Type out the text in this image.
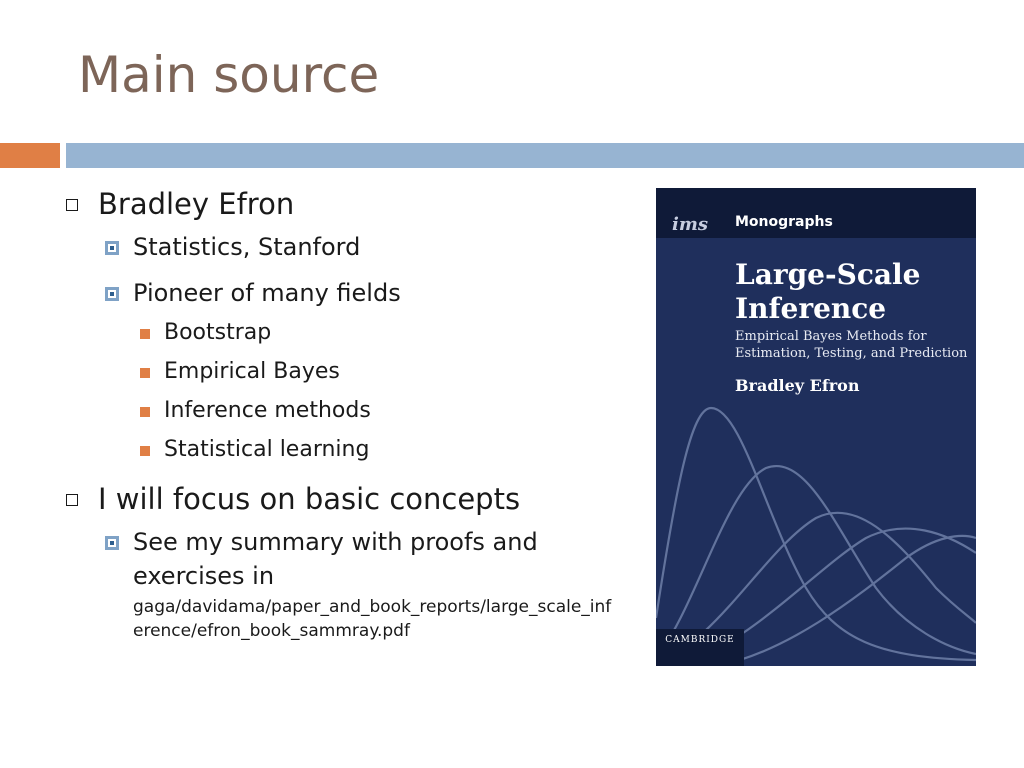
Main source
Bradley Efron
Statistics, Stanford
Pioneer of many fields
Bootstrap
Empirical Bayes
Inference methods
Statistical learning
I will focus on basic concepts
See my summary with proofs and exercises in
gaga/davidama/paper_and_book_reports/large_scale_inference/efron_book_sammray.pdf
ims	Monographs
Large-Scale Inference
Empirical Bayes Methods for Estimation, Testing, and Prediction
Bradley Efron
CAMBRIDGE
